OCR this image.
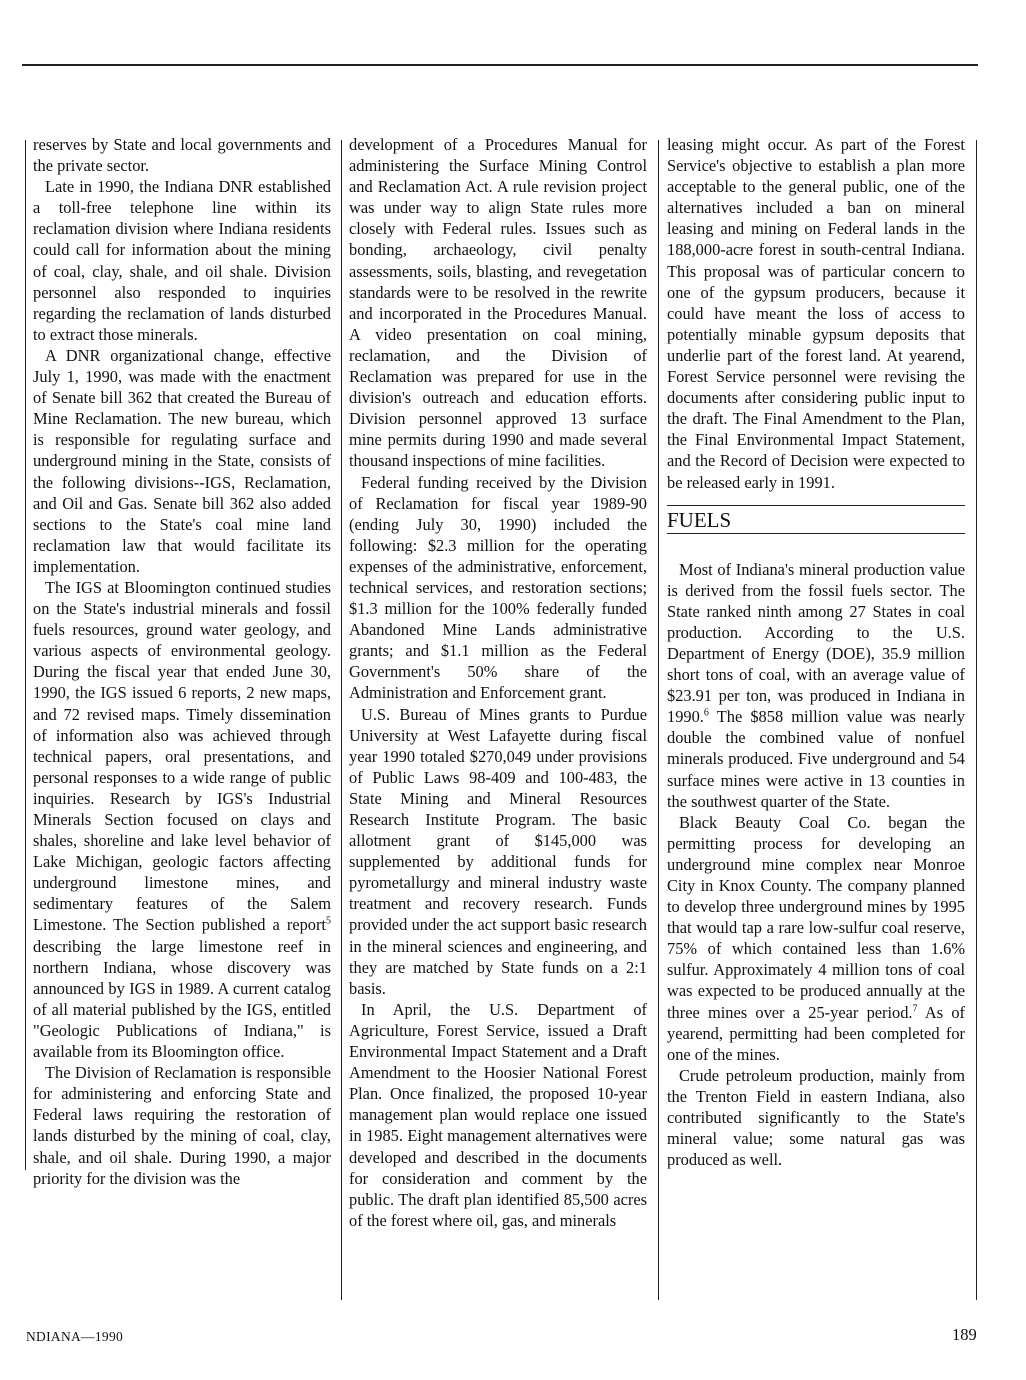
reserves by State and local governments and the private sector.

Late in 1990, the Indiana DNR established a toll-free telephone line within its reclamation division where Indiana residents could call for information about the mining of coal, clay, shale, and oil shale. Division personnel also responded to inquiries regarding the reclamation of lands disturbed to extract those minerals.

A DNR organizational change, effective July 1, 1990, was made with the enactment of Senate bill 362 that created the Bureau of Mine Reclamation. The new bureau, which is responsible for regulating surface and underground mining in the State, consists of the following divisions--IGS, Reclamation, and Oil and Gas. Senate bill 362 also added sections to the State's coal mine land reclamation law that would facilitate its implementation.

The IGS at Bloomington continued studies on the State's industrial minerals and fossil fuels resources, ground water geology, and various aspects of environmental geology. During the fiscal year that ended June 30, 1990, the IGS issued 6 reports, 2 new maps, and 72 revised maps. Timely dissemination of information also was achieved through technical papers, oral presentations, and personal responses to a wide range of public inquiries. Research by IGS's Industrial Minerals Section focused on clays and shales, shoreline and lake level behavior of Lake Michigan, geologic factors affecting underground limestone mines, and sedimentary features of the Salem Limestone. The Section published a report$^5$ describing the large limestone reef in northern Indiana, whose discovery was announced by IGS in 1989. A current catalog of all material published by the IGS, entitled "Geologic Publications of Indiana," is available from its Bloomington office.

The Division of Reclamation is responsible for administering and enforcing State and Federal laws requiring the restoration of lands disturbed by the mining of coal, clay, shale, and oil shale. During 1990, a major priority for the division was the

development of a Procedures Manual for administering the Surface Mining Control and Reclamation Act. A rule revision project was under way to align State rules more closely with Federal rules. Issues such as bonding, archaeology, civil penalty assessments, soils, blasting, and revegetation standards were to be resolved in the rewrite and incorporated in the Procedures Manual. A video presentation on coal mining, reclamation, and the Division of Reclamation was prepared for use in the division's outreach and education efforts. Division personnel approved 13 surface mine permits during 1990 and made several thousand inspections of mine facilities.

Federal funding received by the Division of Reclamation for fiscal year 1989-90 (ending July 30, 1990) included the following: $2.3 million for the operating expenses of the administrative, enforcement, technical services, and restoration sections; $1.3 million for the 100% federally funded Abandoned Mine Lands administrative grants; and $1.1 million as the Federal Government's 50% share of the Administration and Enforcement grant.

U.S. Bureau of Mines grants to Purdue University at West Lafayette during fiscal year 1990 totaled $270,049 under provisions of Public Laws 98-409 and 100-483, the State Mining and Mineral Resources Research Institute Program. The basic allotment grant of $145,000 was supplemented by additional funds for pyrometallurgy and mineral industry waste treatment and recovery research. Funds provided under the act support basic research in the mineral sciences and engineering, and they are matched by State funds on a 2:1 basis.

In April, the U.S. Department of Agriculture, Forest Service, issued a Draft Environmental Impact Statement and a Draft Amendment to the Hoosier National Forest Plan. Once finalized, the proposed 10-year management plan would replace one issued in 1985. Eight management alternatives were developed and described in the documents for consideration and comment by the public. The draft plan identified 85,500 acres of the forest where oil, gas, and minerals

leasing might occur. As part of the Forest Service's objective to establish a plan more acceptable to the general public, one of the alternatives included a ban on mineral leasing and mining on Federal lands in the 188,000-acre forest in south-central Indiana. This proposal was of particular concern to one of the gypsum producers, because it could have meant the loss of access to potentially minable gypsum deposits that underlie part of the forest land. At yearend, Forest Service personnel were revising the documents after considering public input to the draft. The Final Amendment to the Plan, the Final Environmental Impact Statement, and the Record of Decision were expected to be released early in 1991.

FUELS

Most of Indiana's mineral production value is derived from the fossil fuels sector. The State ranked ninth among 27 States in coal production. According to the U.S. Department of Energy (DOE), 35.9 million short tons of coal, with an average value of $23.91 per ton, was produced in Indiana in 1990.$^6$ The $858 million value was nearly double the combined value of nonfuel minerals produced. Five underground and 54 surface mines were active in 13 counties in the southwest quarter of the State.

Black Beauty Coal Co. began the permitting process for developing an underground mine complex near Monroe City in Knox County. The company planned to develop three underground mines by 1995 that would tap a rare low-sulfur coal reserve, 75% of which contained less than 1.6% sulfur. Approximately 4 million tons of coal was expected to be produced annually at the three mines over a 25-year period.$^7$ As of yearend, permitting had been completed for one of the mines.

Crude petroleum production, mainly from the Trenton Field in eastern Indiana, also contributed significantly to the State's mineral value; some natural gas was produced as well.

NDIANA—1990	189
